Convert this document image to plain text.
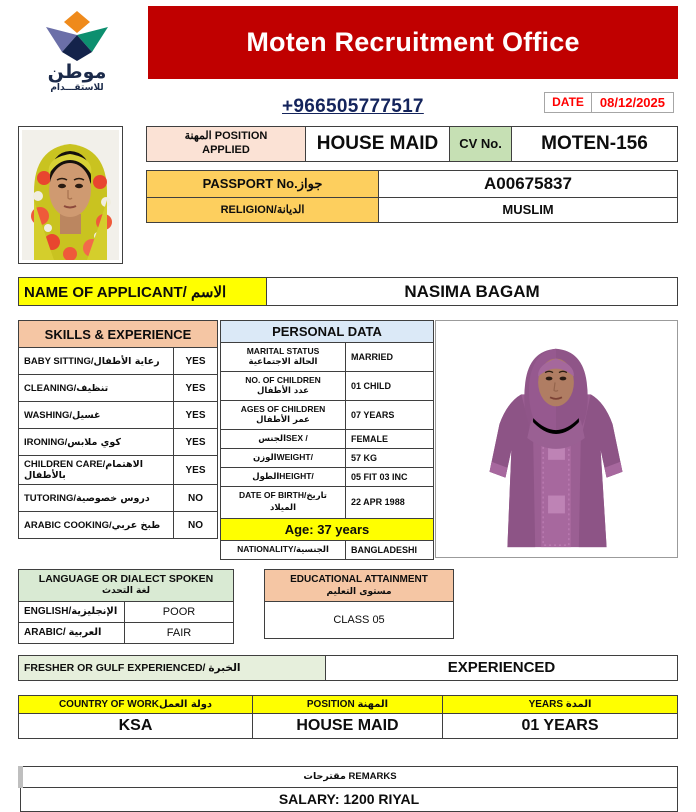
موطن
للاستقـــدام
Moten Recruitment Office
+966505777517	DATE	08/12/2025
المهنة POSITION
APPLIED	HOUSE MAID	CV No.	MOTEN-156
PASSPORT No.جواز	A00675837
RELIGION/الديانة	MUSLIM
NAME OF APPLICANT/ الاسم	NASIMA BAGAM
SKILLS & EXPERIENCE	
BABY SITTING/رعاية الأطفال	YES
CLEANING/تنظيف	YES
WASHING/غسيل	YES
IRONING/كوي ملابس	YES
CHILDREN CARE/الاهتمام بالأطفال	YES
TUTORING/دروس خصوصية	NO
ARABIC COOKING/طبخ عربي	NO
PERSONAL DATA	
MARITAL STATUS
الحالة الاجتماعية	MARRIED
NO. OF CHILDREN
عدد الأطفال	01 CHILD
AGES OF CHILDREN
عمر الأطفال	07 YEARS
الجنسSEX /	FEMALE
الوزنWEIGHT/	57 KG
الطولHEIGHT/	05 FIT 03 INC
DATE OF BIRTH/تاريخ الميلاد	22 APR 1988
Age: 37 years	
NATIONALITY/الجنسية	BANGLADESHI
LANGUAGE OR DIALECT SPOKEN
لغة التحدث	

ENGLISH/الإنجليزية	POOR
ARABIC/ العربية	FAIR
EDUCATIONAL ATTAINMENT
مستوى التعليم

CLASS 05
FRESHER OR GULF EXPERIENCED/ الخبرة	EXPERIENCED
COUNTRY OF WORKدولة العمل	POSITION المهنة	YEARS المدة
KSA	HOUSE MAID	01 YEARS
مقترحات REMARKS
SALARY: 1200 RIYAL
